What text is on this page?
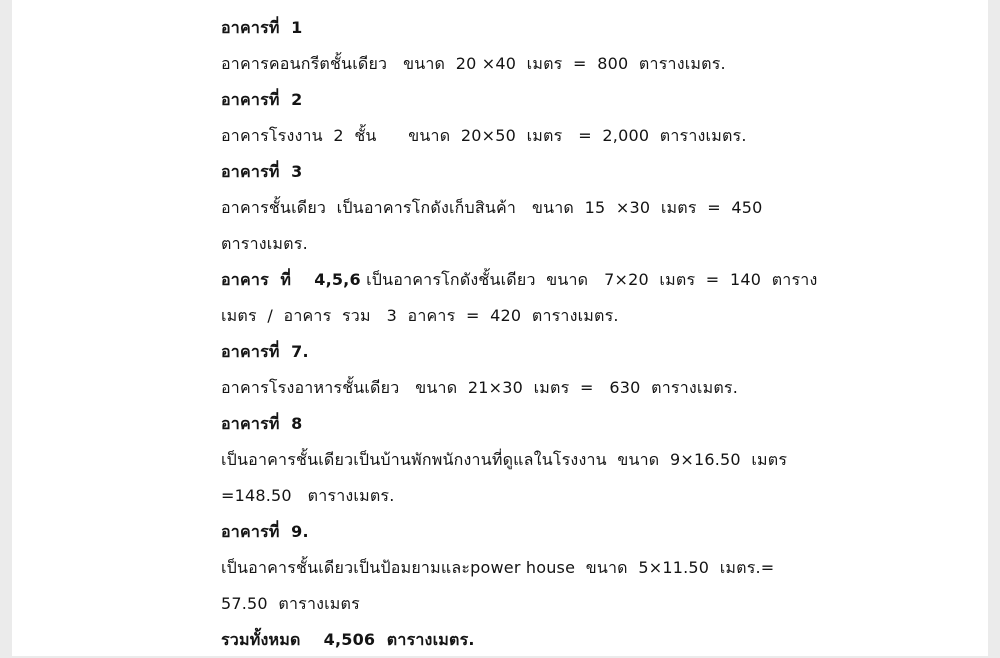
อาคารที่  1
อาคารคอนกรีตชั้นเดียว   ขนาด  20 ×40  เมตร  =  800  ตารางเมตร.
อาคารที่  2
อาคารโรงงาน  2  ชั้น      ขนาด  20×50  เมตร   =  2,000  ตารางเมตร.
อาคารที่  3
อาคารชั้นเดียว  เป็นอาคารโกดังเก็บสินค้า   ขนาด  15  ×30  เมตร  =  450
ตารางเมตร.
อาคาร  ที่    4,5,6 เป็นอาคารโกดังชั้นเดียว  ขนาด   7×20  เมตร  =  140  ตาราง
เมตร  /  อาคาร  รวม   3  อาคาร  =  420  ตารางเมตร.
อาคารที่  7.
อาคารโรงอาหารชั้นเดียว   ขนาด  21×30  เมตร  =   630  ตารางเมตร.
อาคารที่  8
เป็นอาคารชั้นเดียวเป็นบ้านพักพนักงานที่ดูแลในโรงงาน  ขนาด  9×16.50  เมตร
=148.50   ตารางเมตร.
อาคารที่  9.
เป็นอาคารชั้นเดียวเป็นป้อมยามและpower house  ขนาด  5×11.50  เมตร.=
57.50  ตารางเมตร
รวมทั้งหมด    4,506  ตารางเมตร.
